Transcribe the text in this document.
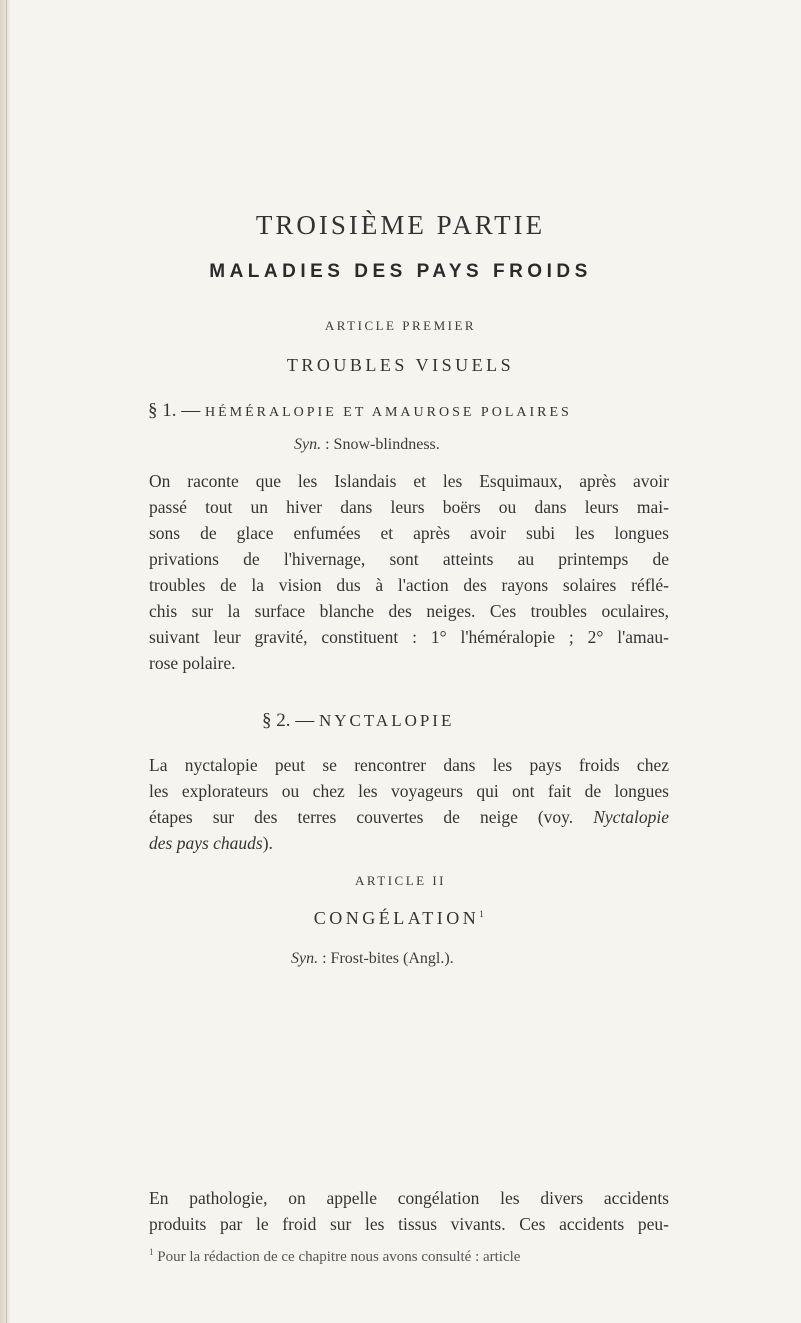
TROISIÈME PARTIE
MALADIES DES PAYS FROIDS
ARTICLE PREMIER
TROUBLES VISUELS
§ 1. — HÉMÉRALOPIE ET AMAUROSE POLAIRES
Syn. : Snow-blindness.
On raconte que les Islandais et les Esquimaux, après avoir
passé tout un hiver dans leurs boërs ou dans leurs mai-
sons de glace enfumées et après avoir subi les longues
privations de l'hivernage, sont atteints au printemps de
troubles de la vision dus à l'action des rayons solaires réflé-
chis sur la surface blanche des neiges. Ces troubles oculaires,
suivant leur gravité, constituent : 1° l'héméralopie ; 2° l'amau-
rose polaire.
§ 2. — NYCTALOPIE
La nyctalopie peut se rencontrer dans les pays froids chez
les explorateurs ou chez les voyageurs qui ont fait de longues
étapes sur des terres couvertes de neige (voy. Nyctalopie
des pays chauds).
ARTICLE II
CONGÉLATION$^1$
Syn. : Frost-bites (Angl.).
En pathologie, on appelle congélation les divers accidents
produits par le froid sur les tissus vivants. Ces accidents peu-
$^1$ Pour la rédaction de ce chapitre nous avons consulté : article
